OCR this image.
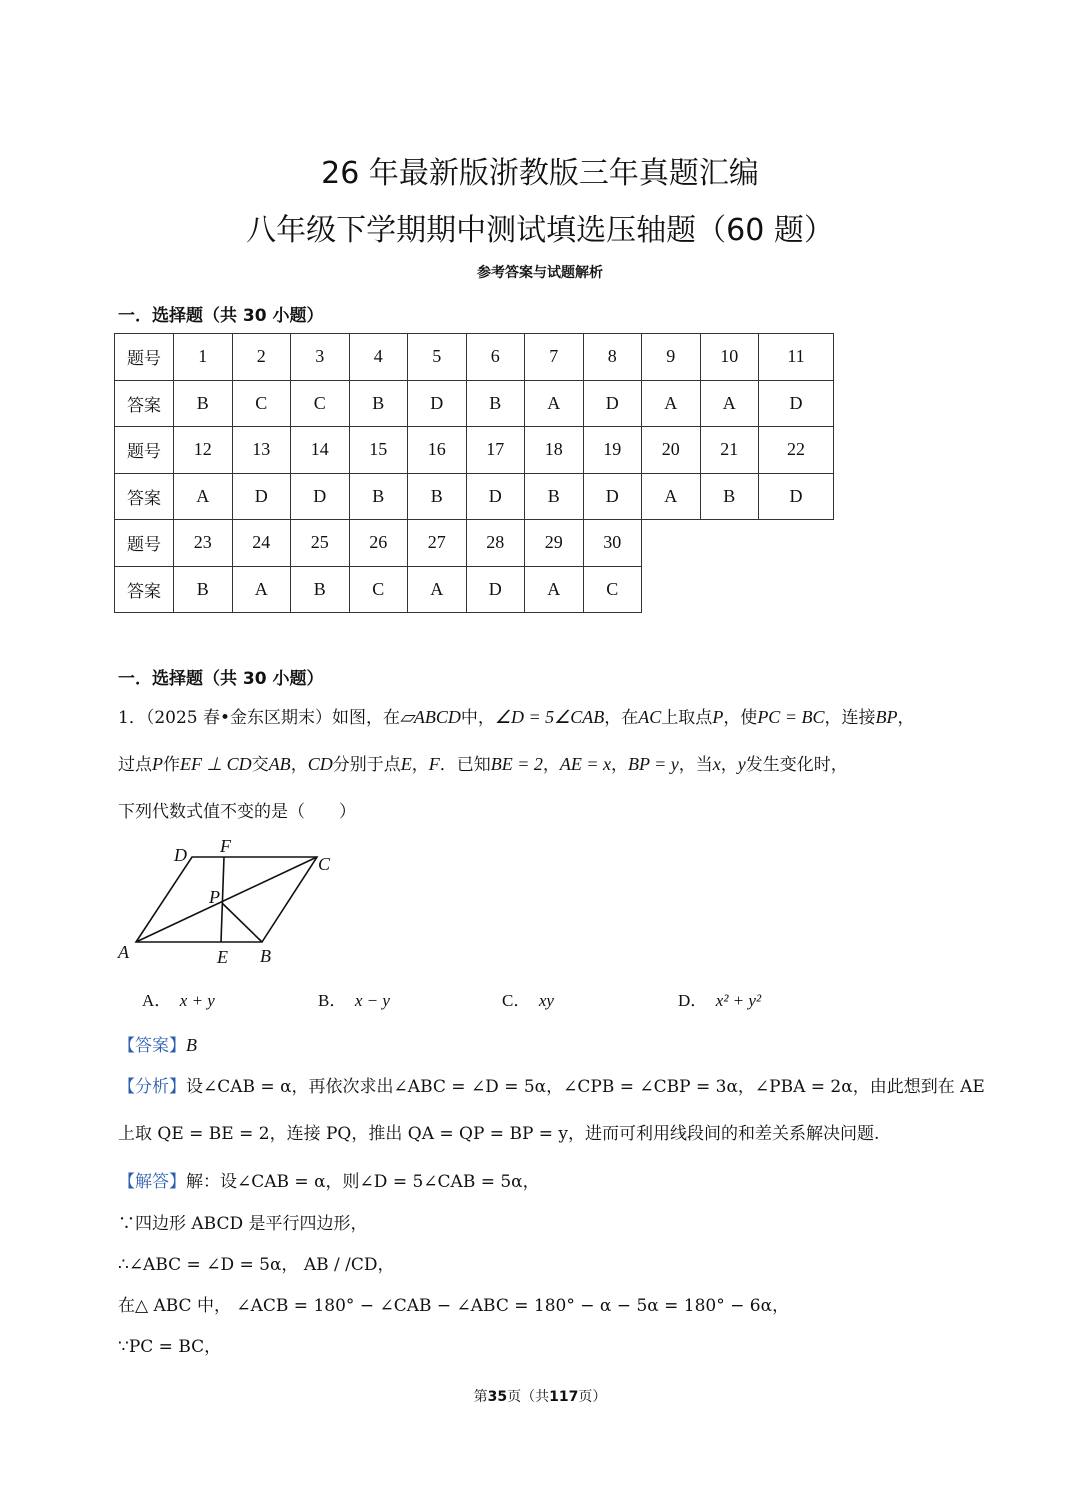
26 年最新版浙教版三年真题汇编
八年级下学期期中测试填选压轴题（60 题）
参考答案与试题解析
一．选择题（共 30 小题）
题号	1	2	3	4	5	6	7	8	9	10	11
答案	B	C	C	B	D	B	A	D	A	A	D
题号	12	13	14	15	16	17	18	19	20	21	22
答案	A	D	D	B	B	D	B	D	A	B	D
题号	23	24	25	26	27	28	29	30			
答案	B	A	B	C	A	D	A	C			
一．选择题（共 30 小题）
1．（2025 春•金东区期末）如图，在▱ABCD中，∠D = 5∠CAB，在AC上取点P，使PC = BC，连接BP，
过点P作EF ⊥ CD交AB，CD分别于点E，F．已知BE = 2，AE = x，BP = y，当x，y发生变化时，
下列代数式值不变的是（　　）
A	B
C
D
E
F
P
A． x + y	B． x − y	C． xy	D． x² + y²
【答案】B
【分析】设∠CAB = α，再依次求出∠ABC = ∠D = 5α，∠CPB = ∠CBP = 3α，∠PBA = 2α，由此想到在 AE
上取 QE = BE = 2，连接 PQ，推出 QA = QP = BP = y，进而可利用线段间的和差关系解决问题.
【解答】解：设∠CAB = α，则∠D = 5∠CAB = 5α，
∵四边形 ABCD 是平行四边形，
∴∠ABC = ∠D = 5α， AB / /CD，
在△ ABC 中， ∠ACB = 180° − ∠CAB − ∠ABC = 180° − α − 5α = 180° − 6α，
∵PC = BC，
第35页（共117页）
